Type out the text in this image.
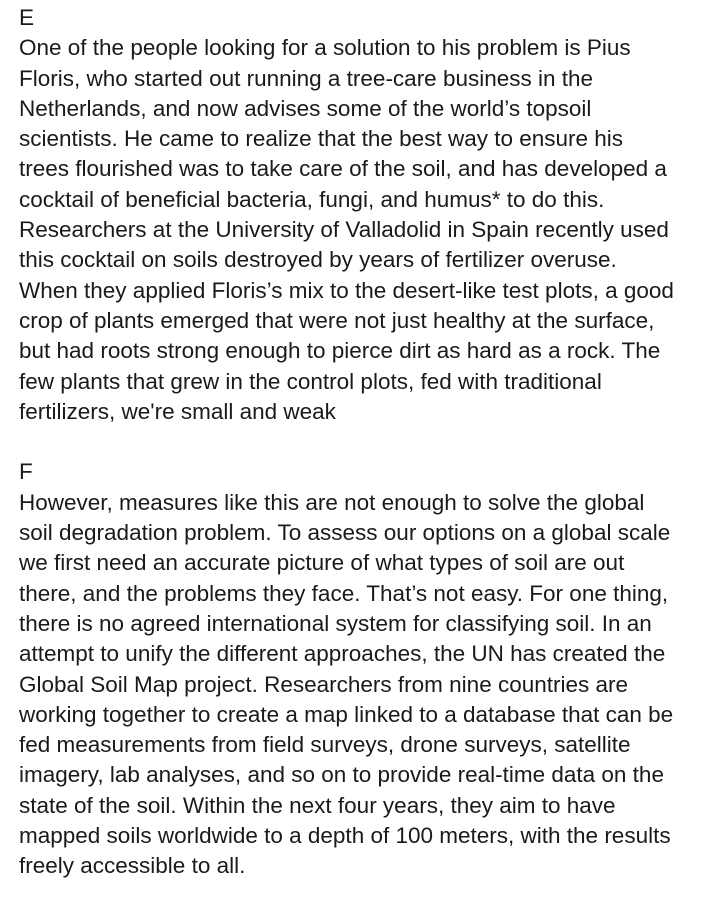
E

One of the people looking for a solution to his problem is Pius
Floris, who started out running a tree-care business in the
Netherlands, and now advises some of the world’s topsoil
scientists. He came to realize that the best way to ensure his
trees flourished was to take care of the soil, and has developed a
cocktail of beneficial bacteria, fungi, and humus* to do this.
Researchers at the University of Valladolid in Spain recently used
this cocktail on soils destroyed by years of fertilizer overuse.
When they applied Floris’s mix to the desert-like test plots, a good
crop of plants emerged that were not just healthy at the surface,
but had roots strong enough to pierce dirt as hard as a rock. The
few plants that grew in the control plots, fed with traditional
fertilizers, we're small and weak

F

However, measures like this are not enough to solve the global
soil degradation problem. To assess our options on a global scale
we first need an accurate picture of what types of soil are out
there, and the problems they face. That’s not easy. For one thing,
there is no agreed international system for classifying soil. In an
attempt to unify the different approaches, the UN has created the
Global Soil Map project. Researchers from nine countries are
working together to create a map linked to a database that can be
fed measurements from field surveys, drone surveys, satellite
imagery, lab analyses, and so on to provide real-time data on the
state of the soil. Within the next four years, they aim to have
mapped soils worldwide to a depth of 100 meters, with the results
freely accessible to all.
